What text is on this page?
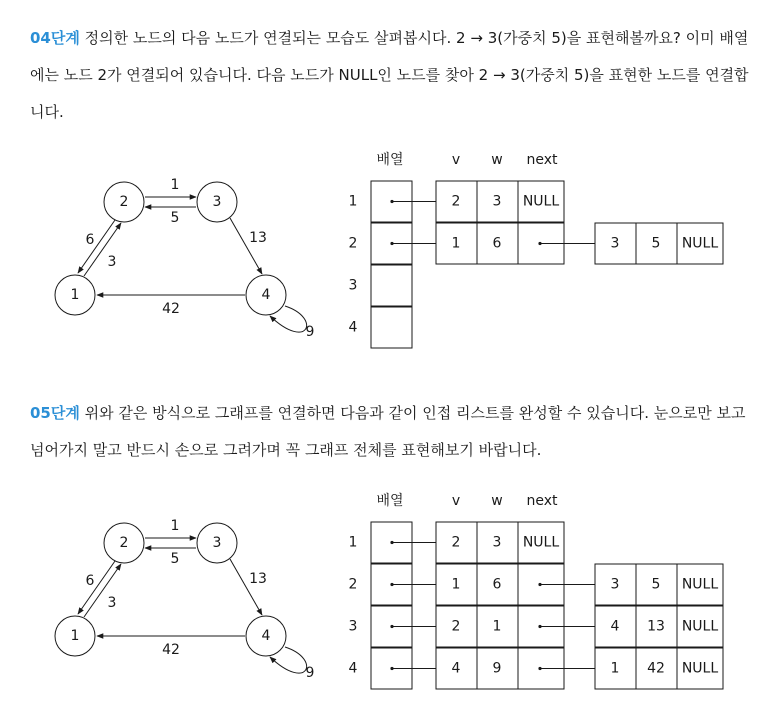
04단계 정의한 노드의 다음 노드가 연결되는 모습도 살펴봅시다. 2 → 3(가중치 5)을 표현해볼까요? 이미 배열에는 노드 2가 연결되어 있습니다. 다음 노드가 NULL인 노드를 찾아 2 → 3(가중치 5)을 표현한 노드를 연결합니다.
5
1
3
6	13
42
9
1
2	3
4
배열	v w next
1	2 3 NULL
2	1 6	3 5 NULL
3
4
05단계 위와 같은 방식으로 그래프를 연결하면 다음과 같이 인접 리스트를 완성할 수 있습니다. 눈으로만 보고 넘어가지 말고 반드시 손으로 그려가며 꼭 그래프 전체를 표현해보기 바랍니다.
5
1
3
6	13
42
9
1
2	3
4
배열	v w next
1	2 3 NULL
2	1 6	3 5 NULL
3	2 1	4 13 NULL
4	4 9	1 42 NULL
